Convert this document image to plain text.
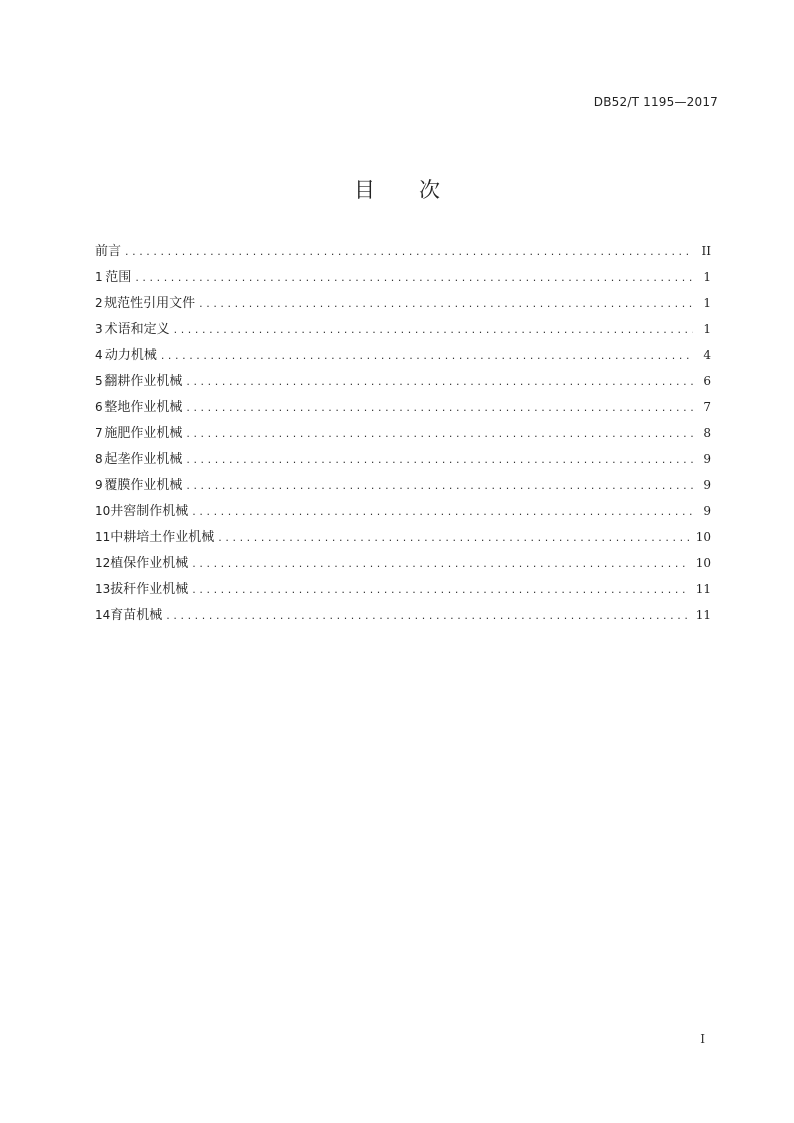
DB52/T 1195—2017
目 次
前言 .....	II
1 范围 .....	1
2 规范性引用文件 .....	1
3 术语和定义 .....	1
4 动力机械 .....	4
5 翻耕作业机械 .....	6
6 整地作业机械 .....	7
7 施肥作业机械 .....	8
8 起垄作业机械 .....	9
9 覆膜作业机械 .....	9
10 井窖制作机械 .....	9
11 中耕培土作业机械 .....	10
12 植保作业机械 .....	10
13 拔秆作业机械 .....	11
14 育苗机械 .....	11
I
